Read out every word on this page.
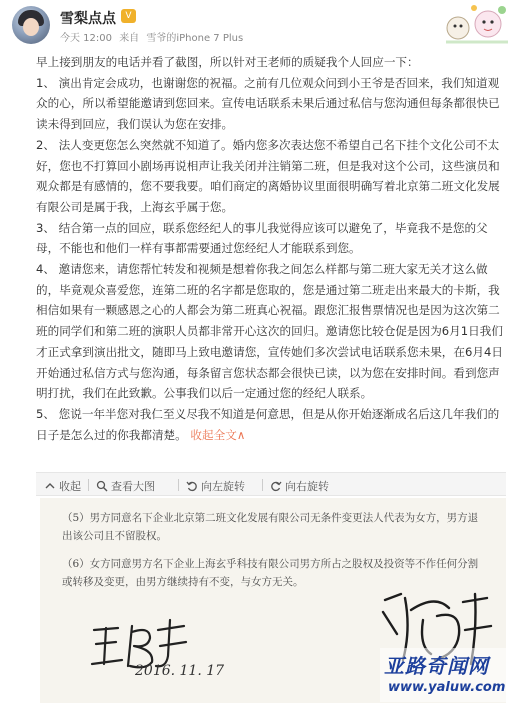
雪梨点点	V
今天 12:00 来自 雪爷的iPhone 7 Plus

早上接到朋友的电话并看了截图，所以针对王老师的质疑我个人回应一下：

1、 演出肯定会成功，也谢谢您的祝福。之前有几位观众问到小王爷是否回来，我们知道观众的心，所以希望能邀请到您回来。宣传电话联系未果后通过私信与您沟通但每条都很快已读未得到回应，我们误认为您在安排。

2、 法人变更您怎么突然就不知道了。婚内您多次表达您不希望自己名下挂个文化公司不太好，您也不打算回小剧场再说相声让我关闭并注销第二班，但是我对这个公司，这些演员和观众都是有感情的，您不要我要。咱们商定的离婚协议里面很明确写着北京第二班文化发展有限公司是属于我，上海玄乎属于您。

3、 结合第一点的回应，联系您经纪人的事儿我觉得应该可以避免了，毕竟我不是您的父母，不能也和他们一样有事都需要通过您经纪人才能联系到您。

4、 邀请您来，请您帮忙转发和视频是想着你我之间怎么样都与第二班大家无关才这么做的，毕竟观众喜爱您，连第二班的名字都是您取的，您是通过第二班走出来最大的卡斯，我相信如果有一颗感恩之心的人都会为第二班真心祝福。跟您汇报售票情况也是因为这次第二班的同学们和第二班的演职人员都非常开心这次的回归。邀请您比较仓促是因为6月1日我们才正式拿到演出批文，随即马上致电邀请您，宣传她们多次尝试电话联系您未果，在6月4日开始通过私信方式与您沟通，每条留言您状态都会很快已读，以为您在安排时间。看到您声明打扰，我们在此致歉。公事我们以后一定通过您的经纪人联系。

5、 您说一年半您对我仁至义尽我不知道是何意思，但是从你开始逐渐成名后这几年我们的日子是怎么过的你我都清楚。 收起全文∧

收起	查看大图	向左旋转	向右旋转
（5）男方同意名下企业北京第二班文化发展有限公司无条件变更法人代表为女方，男方退
出该公司且不留股权。
（6）女方同意男方名下企业上海玄乎科技有限公司男方所占之股权及投资等不作任何分割
或转移及变更，由男方继续持有不变，与女方无关。
2016. 11. 17	亚路奇闻网
www.yaluw.com
